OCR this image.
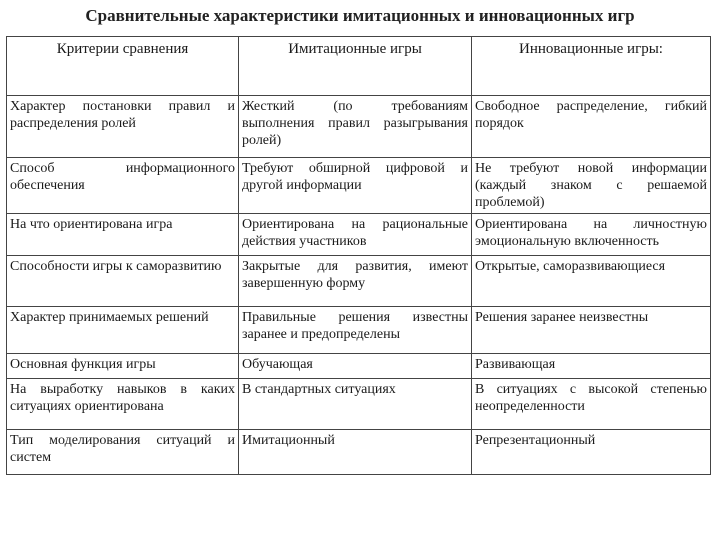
Сравнительные характеристики имитационных и инновационных игр
Критерии сравнения	Имитационные игры	Инновационные игры:
Характер постановки правил и распределения ролей	Жесткий (по требованиям выполнения правил разыгрывания ролей)	Свободное распределение, гибкий порядок
Способ информационного обеспечения	Требуют обширной цифровой и другой информации	Не требуют новой информации (каждый знаком с решаемой проблемой)
На что ориентирована игра	Ориентирована на рациональные действия участников	Ориентирована на личностную эмоциональную включенность
Способности игры к саморазвитию	Закрытые для развития, имеют завершенную форму	Открытые, саморазвивающиеся
Характер принимаемых решений	Правильные решения известны заранее и предопределены	Решения заранее неизвестны
Основная функция игры	Обучающая	Развивающая
На выработку навыков в каких ситуациях ориентирована	В стандартных ситуациях	В ситуациях с высокой степенью неопределенности
Тип моделирования ситуаций и систем	Имитационный	Репрезентационный
